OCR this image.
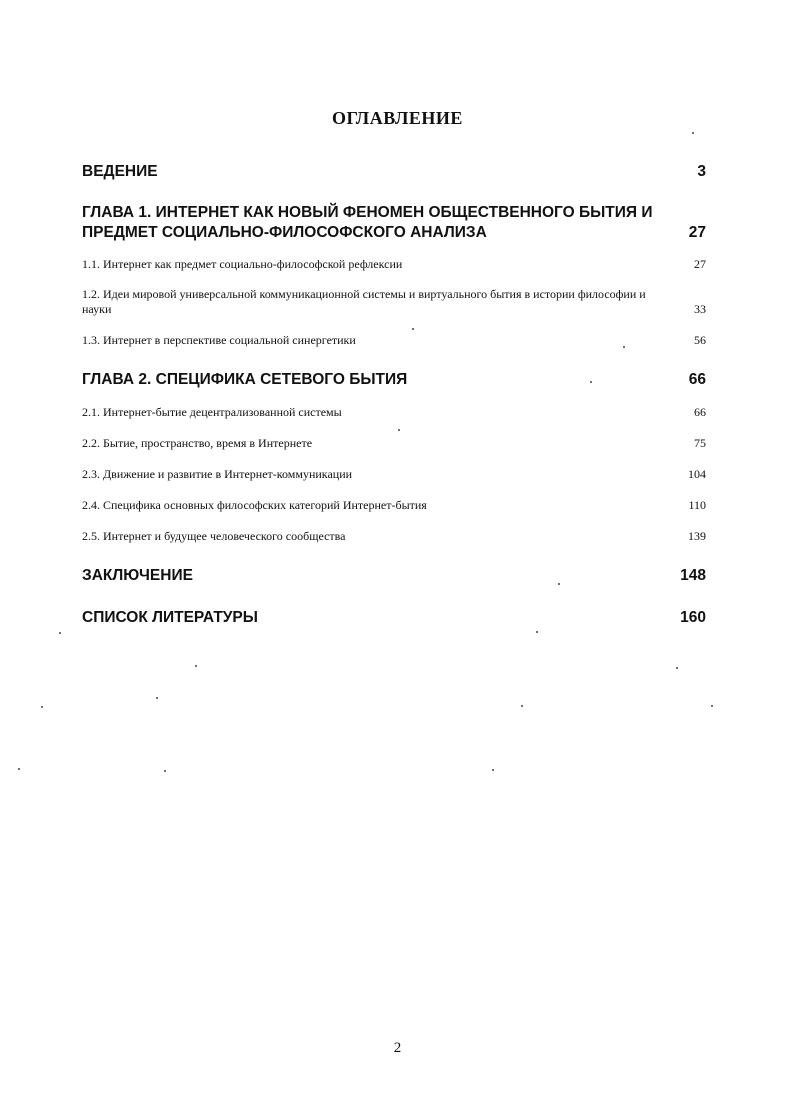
ОГЛАВЛЕНИЕ
ВЕДЕНИЕ	3
ГЛАВА 1. ИНТЕРНЕТ КАК НОВЫЙ ФЕНОМЕН ОБЩЕСТВЕННОГО БЫТИЯ И ПРЕДМЕТ СОЦИАЛЬНО-ФИЛОСОФСКОГО АНАЛИЗА	27
1.1. Интернет как предмет социально-философской рефлексии	27
1.2. Идеи мировой универсальной коммуникационной системы и виртуального бытия в истории философии и науки	33
1.3. Интернет в перспективе социальной синергетики	56
ГЛАВА 2. СПЕЦИФИКА СЕТЕВОГО БЫТИЯ	66
2.1. Интернет-бытие децентрализованной системы	66
2.2. Бытие, пространство, время в Интернете	75
2.3. Движение и развитие в Интернет-коммуникации	104
2.4. Специфика основных философских категорий Интернет-бытия	110
2.5. Интернет и будущее человеческого сообщества	139
ЗАКЛЮЧЕНИЕ	148
СПИСОК ЛИТЕРАТУРЫ	160
2
